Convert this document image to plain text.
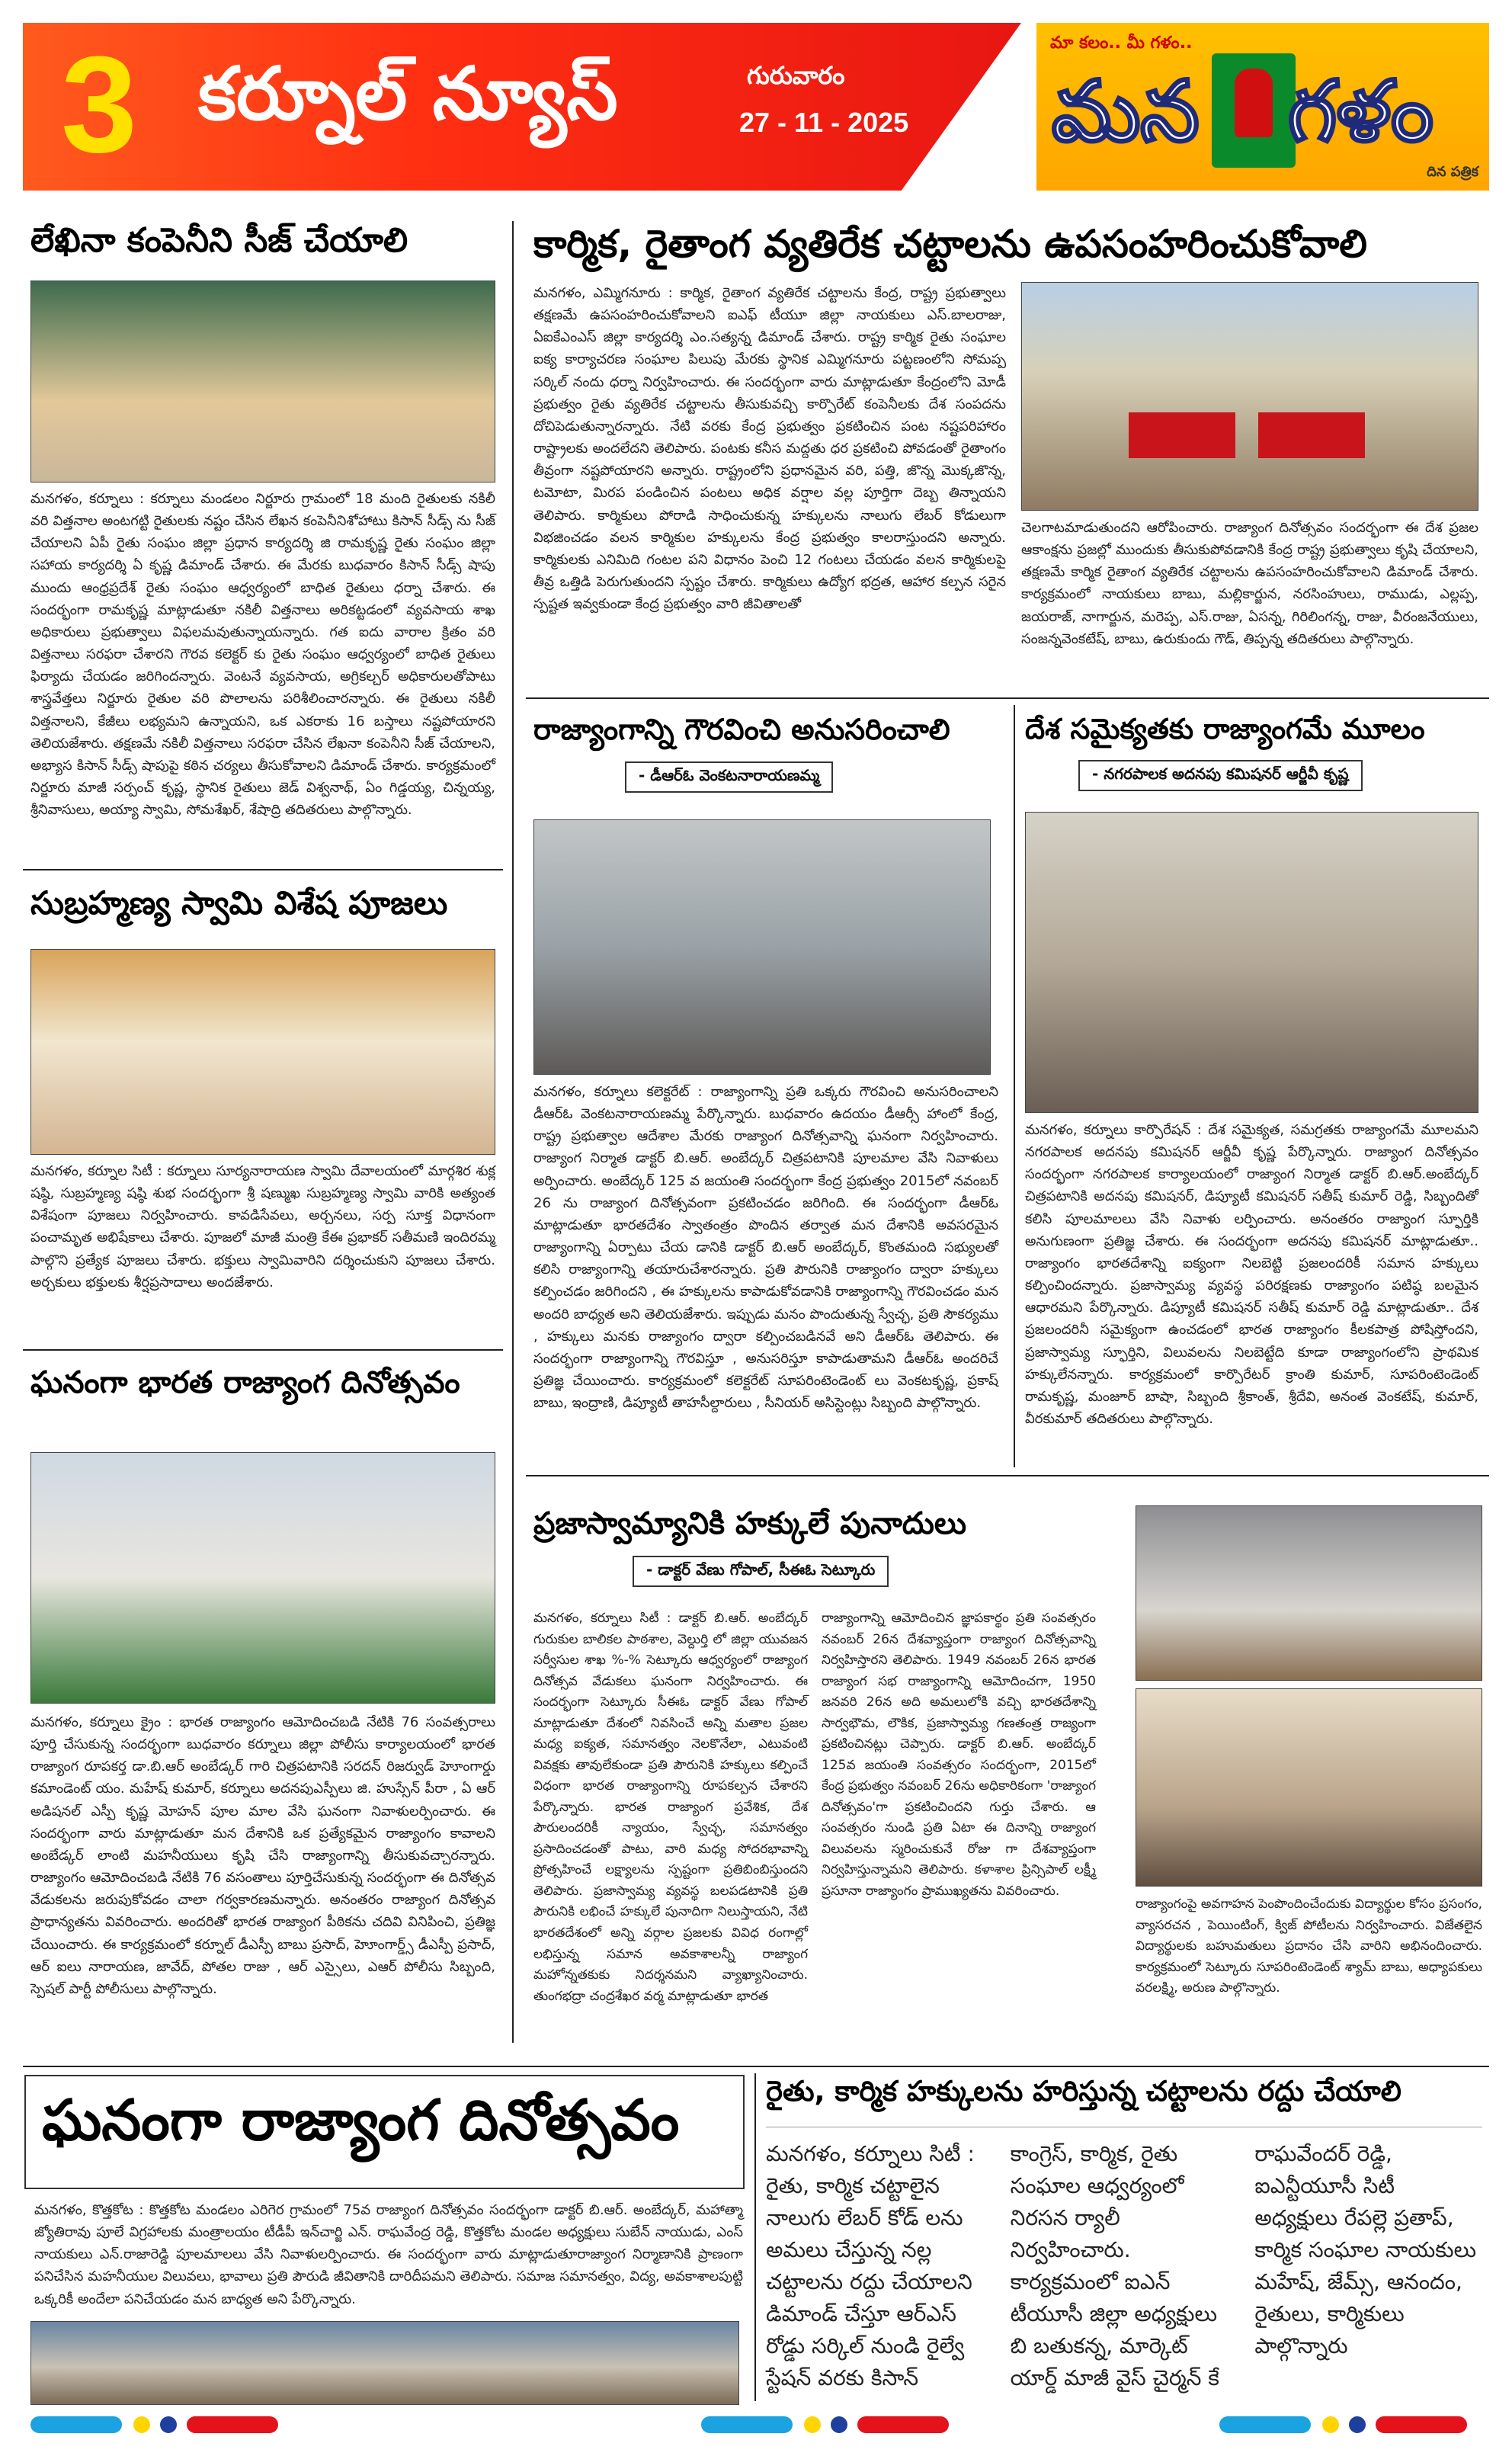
3 కర్నూల్ న్యూస్	గురువారం
27 - 11 - 2025
మా కలం.. మీ గళం..
మన గళం
దిన పత్రిక
లేఖినా కంపెనీని సీజ్ చేయాలి
మనగళం, కర్నూలు : కర్నూలు మండలం నిర్జూరు గ్రామంలో 18 మంది రైతులకు నకిలీ వరి విత్తనాల అంటగట్టి రైతులకు నష్టం చేసిన లేఖన కంపెనీనిశోహాటు కిసాన్ సీడ్స్ ను సీజ్ చేయాలని ఏపీ రైతు సంఘం జిల్లా ప్రధాన కార్యదర్శి జి రామకృష్ణ రైతు సంఘం జిల్లా సహాయ కార్యదర్శి ఏ కృష్ణ డిమాండ్ చేశారు. ఈ మేరకు బుధవారం కిసాన్ సీడ్స్ షాపు ముందు ఆంధ్రప్రదేశ్ రైతు సంఘం ఆధ్వర్యంలో బాధిత రైతులు ధర్నా చేశారు. ఈ సందర్భంగా రామకృష్ణ మాట్లాడుతూ నకిలీ విత్తనాలు అరికట్టడంలో వ్యవసాయ శాఖ అధికారులు ప్రభుత్వాలు విఫలమవుతున్నాయన్నారు. గత ఐదు వారాల క్రితం వరి విత్తనాలు సరఫరా చేశారని గౌరవ కలెక్టర్ కు రైతు సంఘం ఆధ్వర్యంలో బాధిత రైతులు ఫిర్యాదు చేయడం జరిగిందన్నారు. వెంటనే వ్యవసాయ, అగ్రికల్చర్ అధికారులతోపాటు శాస్త్రవేత్తలు నిర్జూరు రైతుల వరి పొలాలను పరిశీలించారన్నారు. ఈ రైతులు నకిలీ విత్తనాలని, కేజీలు లభ్యమని ఉన్నాయని, ఒక ఎకరాకు 16 బస్తాలు నష్టపోయారని తెలియజేశారు. తక్షణమే నకిలీ విత్తనాలు సరఫరా చేసిన లేఖనా కంపెనీని సీజ్ చేయాలని, అభ్యాస కిసాన్ సీడ్స్ షాపుపై కఠిన చర్యలు తీసుకోవాలని డిమాండ్ చేశారు. కార్యక్రమంలో నిర్జూరు మాజీ సర్పంచ్ కృష్ణ, స్థానిక రైతులు జెడ్ విశ్వనాథ్, ఏం గిడ్డయ్య, చిన్నయ్య, శ్రీనివాసులు, అయ్యా స్వామి, సోమశేఖర్, శేషాద్రి తదితరులు పాల్గొన్నారు.
సుబ్రహ్మణ్య స్వామి విశేష పూజలు
మనగళం, కర్నూల సిటీ : కర్నూలు సూర్యనారాయణ స్వామి దేవాలయంలో మార్గశిర శుక్ల షష్ఠి, సుబ్రహ్మణ్య షష్ఠి శుభ సందర్భంగా శ్రీ షణ్ముఖ సుబ్రహ్మణ్య స్వామి వారికి అత్యంత విశేషంగా పూజలు నిర్వహించారు. కావడిసేవలు, అర్చనలు, సర్ప సూక్త విధానంగా పంచామృత అభిషేకాలు చేశారు. పూజలో మాజీ మంత్రి కేఈ ప్రభాకర్ సతీమణి ఇందిరమ్మ పాల్గొని ప్రత్యేక పూజలు చేశారు. భక్తులు స్వామివారిని దర్శించుకుని పూజలు చేశారు. అర్చకులు భక్తులకు శీర్షప్రసాదాలు అందజేశారు.
ఘనంగా భారత రాజ్యాంగ దినోత్సవం
మనగళం, కర్నూలు క్రైం : భారత రాజ్యాంగం ఆమోదించబడి నేటికి 76 సంవత్సరాలు పూర్తి చేసుకున్న సందర్భంగా బుధవారం కర్నూలు జిల్లా పోలీసు కార్యాలయంలో భారత రాజ్యాంగ రూపకర్త డా.బి.ఆర్ అంబేడ్కర్ గారి చిత్రపటానికి సరదన్ రిజర్వుడ్ హెూంగార్డు కమాండెంట్ యం. మహేష్ కుమార్, కర్నూలు అదనపుఎస్పీలు జి. హుస్సేన్ పీరా , ఏ ఆర్ అడిషనల్ ఎస్పీ కృష్ణ మోహన్ పూల మాల వేసి ఘనంగా నివాళులర్పించారు. ఈ సందర్భంగా వారు మాట్లాడుతూ మన దేశానికి ఒక ప్రత్యేకమైన రాజ్యాంగం కావాలని అంబేడ్కర్ లాంటి మహనీయులు కృషి చేసి రాజ్యాంగాన్ని తీసుకువచ్చారన్నారు. రాజ్యాంగం ఆమోదించబడి నేటికి 76 వసంతాలు పూర్తిచేసుకున్న సందర్భంగా ఈ దినోత్సవ వేడుకలను జరుపుకోవడం చాలా గర్వకారణమన్నారు. అనంతరం రాజ్యాంగ దినోత్సవ ప్రాధాన్యతను వివరించారు. అందరితో భారత రాజ్యాంగ పీఠికను చదివి వినిపించి, ప్రతిజ్ఞ చేయించారు. ఈ కార్యక్రమంలో కర్నూల్ డీఎస్పీ బాబు ప్రసాద్, హెూంగార్డ్స్ డీఎస్పీ ప్రసాద్, ఆర్ ఐలు నారాయణ, జావేద్, పోతల రాజు , ఆర్ ఎస్సైలు, ఎఆర్ పోలీసు సిబ్బంది, స్పెషల్ పార్టీ పోలీసులు పాల్గొన్నారు.
కార్మిక, రైతాంగ వ్యతిరేక చట్టాలను ఉపసంహరించుకోవాలి
మనగళం, ఎమ్మిగనూరు : కార్మిక, రైతాంగ వ్యతిరేక చట్టాలను కేంద్ర, రాష్ట్ర ప్రభుత్వాలు తక్షణమే ఉపసంహరించుకోవాలని ఐఎఫ్ టీయూ జిల్లా నాయకులు ఎస్.బాలరాజు, ఏఐకేఎంఎస్ జిల్లా కార్యదర్శి ఎం.సత్యన్న డిమాండ్ చేశారు. రాష్ట్ర కార్మిక రైతు సంఘాల ఐక్య కార్యాచరణ సంఘాల పిలుపు మేరకు స్థానిక ఎమ్మిగనూరు పట్టణంలోని సోమప్ప సర్కిల్ నందు ధర్నా నిర్వహించారు. ఈ సందర్భంగా వారు మాట్లాడుతూ కేంద్రంలోని మోడీ ప్రభుత్వం రైతు వ్యతిరేక చట్టాలను తీసుకువచ్చి కార్పొరేట్ కంపెనీలకు దేశ సంపదను దోచిపెడుతున్నారన్నారు. నేటి వరకు కేంద్ర ప్రభుత్వం ప్రకటించిన పంట నష్టపరిహారం రాష్ట్రాలకు అందలేదని తెలిపారు. పంటకు కనీస మద్దతు ధర ప్రకటించి పోవడంతో రైతాంగం తీవ్రంగా నష్టపోయారని అన్నారు. రాష్ట్రంలోని ప్రధానమైన వరి, పత్తి, జొన్న మొక్కజొన్న, టమోటా, మిరప పండించిన పంటలు అధిక వర్షాల వల్ల పూర్తిగా దెబ్బ తిన్నాయని తెలిపారు. కార్మికులు పోరాడి సాధించుకున్న హక్కులను నాలుగు లేబర్ కోడులుగా విభజించడం వలన కార్మికుల హక్కులను కేంద్ర ప్రభుత్వం కాలరాస్తుందని అన్నారు. కార్మికులకు ఎనిమిది గంటల పని విధానం పెంచి 12 గంటలు చేయడం వలన కార్మికులపై తీవ్ర ఒత్తిడి పెరుగుతుందని స్పష్టం చేశారు. కార్మికులు ఉద్యోగ భద్రత, ఆహార కల్పన సరైన స్పష్టత ఇవ్వకుండా కేంద్ర ప్రభుత్వం వారి జీవితాలతో
చెలగాటమాడుతుందని ఆరోపించారు. రాజ్యాంగ దినోత్సవం సందర్భంగా ఈ దేశ ప్రజల ఆకాంక్షను ప్రజల్లో ముందుకు తీసుకుపోవడానికి కేంద్ర రాష్ట్ర ప్రభుత్వాలు కృషి చేయాలని, తక్షణమే కార్మిక రైతాంగ వ్యతిరేక చట్టాలను ఉపసంహరించుకోవాలని డిమాండ్ చేశారు. కార్యక్రమంలో నాయకులు బాబు, మల్లికార్జున, నరసింహులు, రాముడు, ఎల్లప్ప, జయరాజ్, నాగార్జున, మరెప్ప, ఎస్.రాజు, ఏసన్న, గిరిలింగన్న, రాజు, వీరంజనేయులు, సంజన్నవెంకటేష్, బాబు, ఉరుకుందు గౌడ్, తిప్పన్న తదితరులు పాల్గొన్నారు.
రాజ్యాంగాన్ని గౌరవించి అనుసరించాలి
- డీఆర్ఓ వెంకటనారాయణమ్మ
మనగళం, కర్నూలు కలెక్టరేట్ : రాజ్యాంగాన్ని ప్రతి ఒక్కరు గౌరవించి అనుసరించాలని డీఆర్ఓ వెంకటనారాయణమ్మ పేర్కొన్నారు. బుధవారం ఉదయం డీఆర్సీ హాంలో కేంద్ర, రాష్ట్ర ప్రభుత్వాల ఆదేశాల మేరకు రాజ్యాంగ దినోత్సవాన్ని ఘనంగా నిర్వహించారు. రాజ్యాంగ నిర్మాత డాక్టర్ బి.ఆర్. అంబేద్కర్ చిత్రపటానికి పూలమాల వేసి నివాళులు అర్పించారు. అంబేద్కర్ 125 వ జయంతి సందర్భంగా కేంద్ర ప్రభుత్వం 2015లో నవంబర్ 26 ను రాజ్యాంగ దినోత్సవంగా ప్రకటించడం జరిగింది. ఈ సందర్భంగా డీఆర్ఓ మాట్లాడుతూ భారతదేశం స్వాతంత్రం పొందిన తర్వాత మన దేశానికి అవసరమైన రాజ్యాంగాన్ని ఏర్పాటు చేయ డానికి డాక్టర్ బి.ఆర్ అంబేద్కర్, కొంతమంది సభ్యులతో కలిసి రాజ్యాంగాన్ని తయారుచేశారన్నారు. ప్రతి పౌరునికి రాజ్యాంగం ద్వారా హక్కులు కల్పించడం జరిగిందని , ఈ హక్కులను కాపాడుకోవడానికి రాజ్యాంగాన్ని గౌరవించడం మన అందరి బాధ్యత అని తెలియజేశారు. ఇప్పుడు మనం పొందుతున్న స్వేచ్ఛ, ప్రతి సౌకర్యము , హక్కులు మనకు రాజ్యాంగం ద్వారా కల్పించబడినవే అని డీఆర్ఓ తెలిపారు. ఈ సందర్భంగా రాజ్యాంగాన్ని గౌరవిస్తూ , అనుసరిస్తూ కాపాడుతామని డీఆర్ఓ అందరిచే ప్రతిజ్ఞ చేయించారు. కార్యక్రమంలో కలెక్టరేట్ సూపరింటెండెంట్ లు వెంకటకృష్ణ, ప్రకాష్ బాబు, ఇంద్రాణి, డిప్యూటీ తాహసీల్దారులు , సీనియర్ అసిస్టెంట్లు సిబ్బంది పాల్గొన్నారు.
దేశ సమైక్యతకు రాజ్యాంగమే మూలం
- నగరపాలక అదనపు కమిషనర్ ఆర్జీవీ కృష్ణ
మనగళం, కర్నూలు కార్పొరేషన్ : దేశ సమైక్యత, సమగ్రతకు రాజ్యాంగమే మూలమని నగరపాలక అదనపు కమిషనర్ ఆర్జీవీ కృష్ణ పేర్కొన్నారు. రాజ్యాంగ దినోత్సవం సందర్భంగా నగరపాలక కార్యాలయంలో రాజ్యాంగ నిర్మాత డాక్టర్ బి.ఆర్.అంబేద్కర్ చిత్రపటానికి అదనపు కమిషనర్, డిప్యూటీ కమిషనర్ సతీష్ కుమార్ రెడ్డి, సిబ్బందితో కలిసి పూలమాలలు వేసి నివాళు లర్పించారు. అనంతరం రాజ్యాంగ స్ఫూర్తికి అనుగుణంగా ప్రతిజ్ఞ చేశారు. ఈ సందర్భంగా అదనపు కమిషనర్ మాట్లాడుతూ.. రాజ్యాంగం భారతదేశాన్ని ఐక్యంగా నిలబెట్టి ప్రజలందరికీ సమాన హక్కులు కల్పించిందన్నారు. ప్రజాస్వామ్య వ్యవస్థ పరిరక్షణకు రాజ్యాంగం పటిష్ఠ బలమైన ఆధారమని పేర్కొన్నారు. డిప్యూటీ కమిషనర్ సతీష్ కుమార్ రెడ్డి మాట్లాడుతూ.. దేశ ప్రజలందరినీ సమైక్యంగా ఉంచడంలో భారత రాజ్యాంగం కీలకపాత్ర పోషిస్తోందని, ప్రజాస్వామ్య స్ఫూర్తిని, విలువలను నిలబెట్టేది కూడా రాజ్యాంగంలోని ప్రాథమిక హక్కులేనన్నారు. కార్యక్రమంలో కార్పొరేటర్ క్రాంతి కుమార్, సూపరింటెండెంట్ రామకృష్ణ, మంజూర్ బాషా, సిబ్బంది శ్రీకాంత్, శ్రీదేవి, అనంత వెంకటేష్, కుమార్, వీరకుమార్ తదితరులు పాల్గొన్నారు.
ప్రజాస్వామ్యానికి హక్కులే పునాదులు
- డాక్టర్ వేణు గోపాల్, సీఈఓ సెట్కూరు
మనగళం, కర్నూలు సిటీ : డాక్టర్ బి.ఆర్. అంబేద్కర్ గురుకుల బాలికల పాఠశాల, వెల్దుర్తి లో జిల్లా యువజన సర్వీసుల శాఖ %-% సెట్కూరు ఆధ్వర్యంలో రాజ్యాంగ దినోత్సవ వేడుకలు ఘనంగా నిర్వహించారు. ఈ సందర్భంగా సెట్కూరు సీఈఓ డాక్టర్ వేణు గోపాల్ మాట్లాడుతూ దేశంలో నివసించే అన్ని మతాల ప్రజల మధ్య ఐక్యత, సమానత్వం నెలకొనేలా, ఎటువంటి వివక్షకు తావులేకుండా ప్రతి పౌరునికి హక్కులు కల్పించే విధంగా భారత రాజ్యాంగాన్ని రూపకల్పన చేశారని పేర్కొన్నారు. భారత రాజ్యాంగ ప్రవేశిక, దేశ పౌరులందరికీ న్యాయం, స్వేచ్ఛ, సమానత్వం ప్రసాదించడంతో పాటు, వారి మధ్య సోదరభావాన్ని ప్రోత్సహించే లక్ష్యాలను స్పష్టంగా ప్రతిబింబిస్తుందని తెలిపారు. ప్రజాస్వామ్య వ్యవస్థ బలపడటానికి ప్రతి పౌరునికి లభించే హక్కులే పునాదిగా నిలుస్తాయని, నేటి భారతదేశంలో అన్ని వర్గాల ప్రజలకు వివిధ రంగాల్లో లభిస్తున్న సమాన అవకాశాలన్నీ రాజ్యాంగ మహోన్నతకుకు నిదర్శనమని వ్యాఖ్యానించారు. తుంగభద్రా చంద్రశేఖర వర్మ మాట్లాడుతూ భారత
రాజ్యాంగాన్ని ఆమోదించిన జ్ఞాపకార్థం ప్రతి సంవత్సరం నవంబర్ 26న దేశవ్యాప్తంగా రాజ్యాంగ దినోత్సవాన్ని నిర్వహిస్తారని తెలిపారు. 1949 నవంబర్ 26న భారత రాజ్యాంగ సభ రాజ్యాంగాన్ని ఆమోదించగా, 1950 జనవరి 26న అది అమలులోకి వచ్చి భారతదేశాన్ని సార్వభౌమ, లౌకిక, ప్రజాస్వామ్య గణతంత్ర రాజ్యంగా ప్రకటించినట్లు చెప్పారు. డాక్టర్ బి.ఆర్. అంబేద్కర్ 125వ జయంతి సంవత్సరం సందర్భంగా, 2015లో కేంద్ర ప్రభుత్వం నవంబర్ 26ను అధికారికంగా 'రాజ్యాంగ దినోత్సవం'గా ప్రకటించిందని గుర్తు చేశారు. ఆ సంవత్సరం నుండి ప్రతి ఏటా ఈ దినాన్ని రాజ్యాంగ విలువలను స్మరించుకునే రోజు గా దేశవ్యాప్తంగా నిర్వహిస్తున్నామని తెలిపారు. కళాశాల ప్రిన్సిపాల్ లక్ష్మీ ప్రసూనా రాజ్యాంగం ప్రాముఖ్యతను వివరించారు.
రాజ్యాంగంపై అవగాహన పెంపొందించేందుకు విద్యార్థుల కోసం ప్రసంగం, వ్యాసరచన , పెయింటింగ్, క్విజ్ పోటీలను నిర్వహించారు. విజేతలైన విద్యార్థులకు బహుమతులు ప్రదానం చేసి వారిని అభినందించారు. కార్యక్రమంలో సెట్కూరు సూపరింటెండెంట్ శ్యామ్ బాబు, అధ్యాపకులు వరలక్ష్మి, అరుణ పాల్గొన్నారు.
ఘనంగా రాజ్యాంగ దినోత్సవం
మనగళం, కొత్తకోట : కొత్తకోట మండలం ఎరిగెర గ్రామంలో 75వ రాజ్యాంగ దినోత్సవం సందర్భంగా డాక్టర్ బి.ఆర్. అంబేద్కర్, మహాత్మా జ్యోతిరావు పూలే విగ్రహాలకు మంత్రాలయం టీడీపీ ఇన్‌చార్జి ఎన్. రాఘవేంద్ర రెడ్డి, కొత్తకోట మండల అధ్యక్షులు సుబేన్ నాయుడు, ఎంస్ నాయకులు ఎన్.రాజారెడ్డి పూలమాలలు వేసి నివాళులర్పించారు. ఈ సందర్భంగా వారు మాట్లాడుతూరాజ్యాంగ నిర్మాణానికి ప్రాణంగా పనిచేసిన మహనీయుల విలువలు, భావాలు ప్రతి పౌరుడి జీవితానికి దారిదీపమని తెలిపారు. సమాజ సమానత్వం, విద్య, అవకాశాలపుట్టి ఒక్కరికీ అందేలా పనిచేయడం మన బాధ్యత అని పేర్కొన్నారు.
రైతు, కార్మిక హక్కులను హరిస్తున్న చట్టాలను రద్దు చేయాలి
మనగళం, కర్నూలు సిటీ : రైతు, కార్మిక చట్టాలైన నాలుగు లేబర్ కోడ్ లను అమలు చేస్తున్న నల్ల చట్టాలను రద్దు చేయాలని డిమాండ్ చేస్తూ ఆర్ఎస్ రోడ్డు సర్కిల్ నుండి రైల్వే స్టేషన్ వరకు కిసాన్
కాంగ్రెస్, కార్మిక, రైతు సంఘాల ఆధ్వర్యంలో నిరసన ర్యాలీ నిర్వహించారు. కార్యక్రమంలో ఐఎన్ టీయూసీ జిల్లా అధ్యక్షులు బి బతుకన్న, మార్కెట్ యార్డ్ మాజీ వైస్ చైర్మన్ కే
రాఘవేందర్ రెడ్డి, ఐఎన్టీయూసీ సిటీ అధ్యక్షులు రేపల్లె ప్రతాప్, కార్మిక సంఘాల నాయకులు మహేష్, జేమ్స్, ఆనందం, రైతులు, కార్మికులు పాల్గొన్నారు
